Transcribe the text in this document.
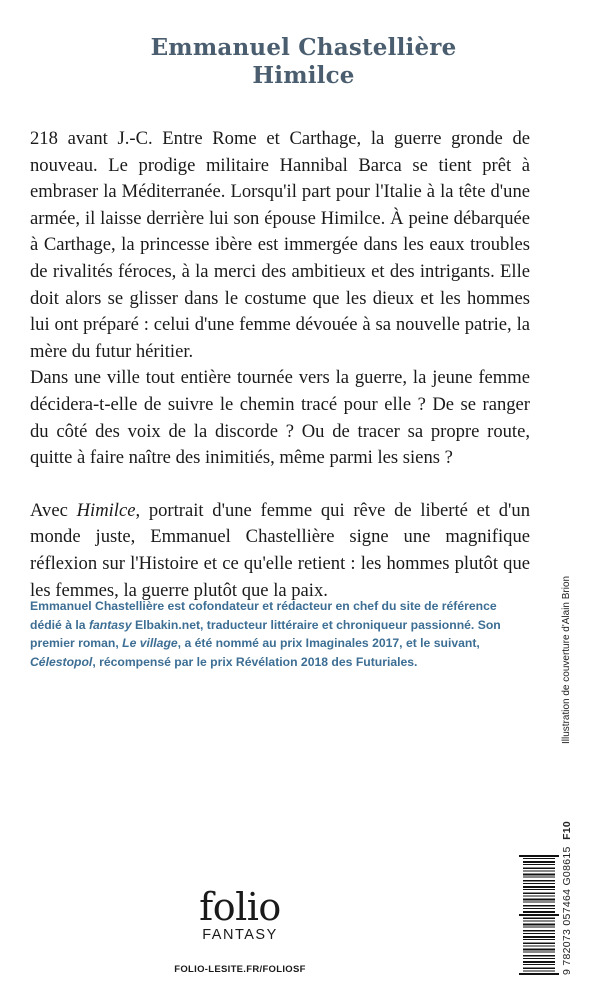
Emmanuel Chastellière
Himilce

218 avant J.-C. Entre Rome et Carthage, la guerre gronde de nouveau. Le prodige militaire Hannibal Barca se tient prêt à embraser la Méditerranée. Lorsqu'il part pour l'Italie à la tête d'une armée, il laisse derrière lui son épouse Himilce. À peine débarquée à Carthage, la princesse ibère est immergée dans les eaux troubles de rivalités féroces, à la merci des ambitieux et des intrigants. Elle doit alors se glisser dans le costume que les dieux et les hommes lui ont préparé : celui d'une femme dévouée à sa nouvelle patrie, la mère du futur héritier.

Dans une ville tout entière tournée vers la guerre, la jeune femme décidera-t-elle de suivre le chemin tracé pour elle ? De se ranger du côté des voix de la discorde ? Ou de tracer sa propre route, quitte à faire naître des inimitiés, même parmi les siens ?

Avec Himilce, portrait d'une femme qui rêve de liberté et d'un monde juste, Emmanuel Chastellière signe une magnifique réflexion sur l'Histoire et ce qu'elle retient : les hommes plutôt que les femmes, la guerre plutôt que la paix.

Emmanuel Chastellière est cofondateur et rédacteur en chef du site de référence dédié à la fantasy Elbakin.net, traducteur littéraire et chroniqueur passionné. Son premier roman, Le village, a été nommé au prix Imaginales 2017, et le suivant, Célestopol, récompensé par le prix Révélation 2018 des Futuriales.	Illustration de couverture d'Alain Brion
9 782073 057464 G08615  F10
folio
FANTASY
FOLIO-LESITE.FR/FOLIOSF
